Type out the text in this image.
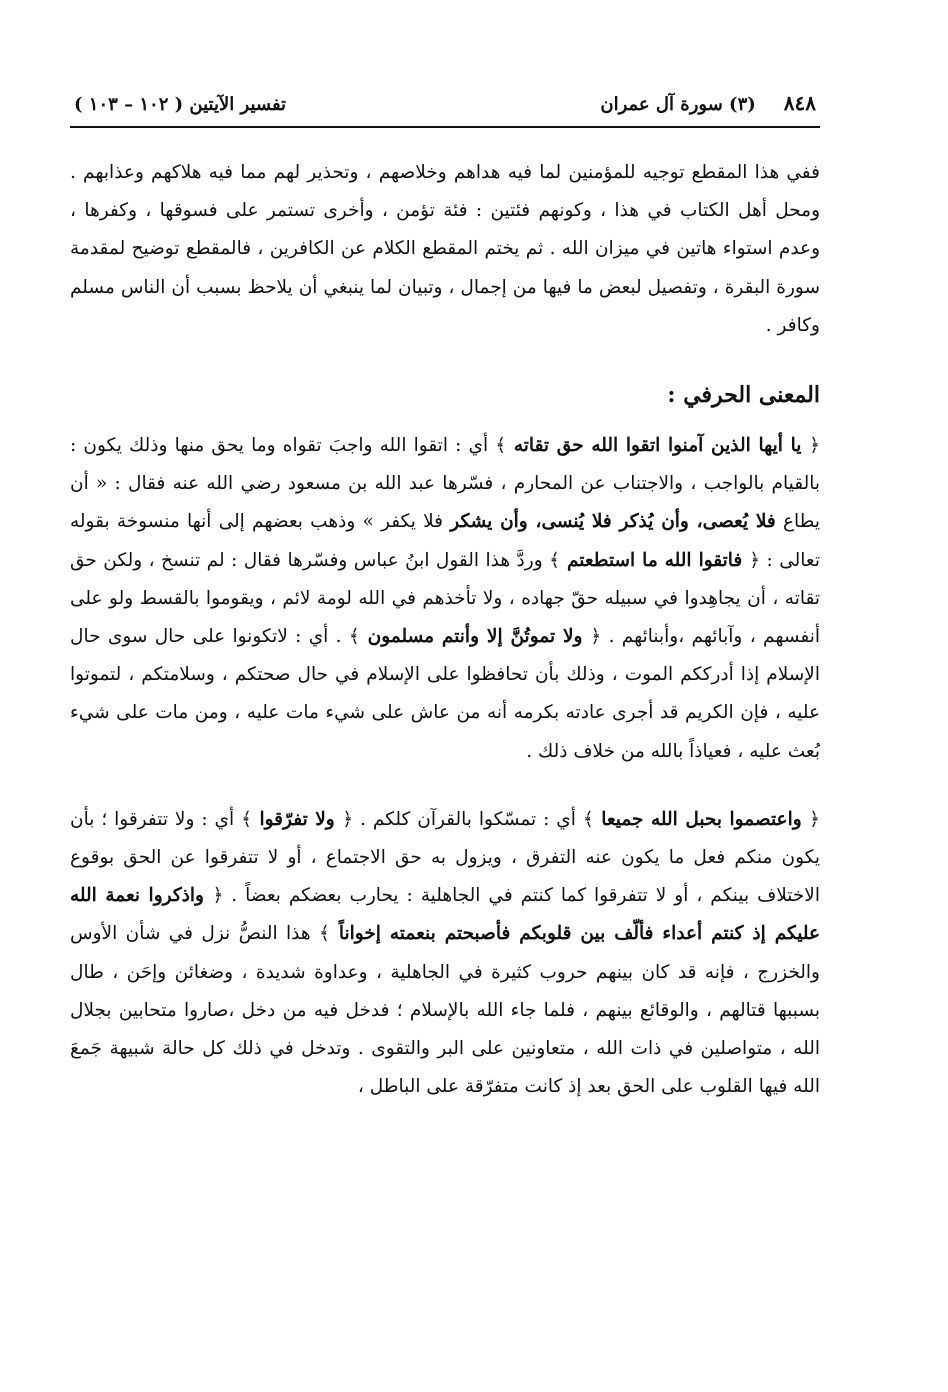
٨٤٨
(٣) سورة آل عمران
تفسير الآيتين ( ١٠٢ – ١٠٣ )

ففي هذا المقطع توجيه للمؤمنين لما فيه هداهم وخلاصهم ، وتحذير لهم مما فيه هلاكهم وعذابهم . ومحل أهل الكتاب في هذا ، وكونهم فئتين : فئة تؤمن ، وأخرى تستمر على فسوقها ، وكفرها ، وعدم استواء هاتين في ميزان الله . ثم يختم المقطع الكلام عن الكافرين ، فالمقطع توضيح لمقدمة سورة البقرة ، وتفصيل لبعض ما فيها من إجمال ، وتبيان لما ينبغي أن يلاحظ بسبب أن الناس مسلم وكافر .

المعنى الحرفي :

﴿ يا أيها الذين آمنوا اتقوا الله حق تقاته ﴾ أي : اتقوا الله واجبَ تقواه وما يحق منها وذلك يكون : بالقيام بالواجب ، والاجتناب عن المحارم ، فسّرها عبد الله بن مسعود رضي الله عنه فقال : « أن يطاع فلا يُعصى، وأن يُذكر فلا يُنسى، وأن يشكر فلا يكفر » وذهب بعضهم إلى أنها منسوخة بقوله تعالى : ﴿ فاتقوا الله ما استطعتم ﴾ وردَّ هذا القول ابنُ عباس وفسّرها فقال : لم تنسخ ، ولكن حق تقاته ، أن يجاهِدوا في سبيله حقّ جهاده ، ولا تأخذهم في الله لومة لائم ، ويقوموا بالقسط ولو على أنفسهم ، وآبائهم ،وأبنائهم . ﴿ ولا تموتُنَّ إلا وأنتم مسلمون ﴾ . أي : لاتكونوا على حال سوى حال الإسلام إذا أدرككم الموت ، وذلك بأن تحافظوا على الإسلام في حال صحتكم ، وسلامتكم ، لتموتوا عليه ، فإن الكريم قد أجرى عادته بكرمه أنه من عاش على شيء مات عليه ، ومن مات على شيء بُعث عليه ، فعياذاً بالله من خلاف ذلك .

﴿ واعتصموا بحبل الله جميعا ﴾ أي : تمسّكوا بالقرآن كلكم . ﴿ ولا تفرّقوا ﴾ أي : ولا تتفرقوا ؛ بأن يكون منكم فعل ما يكون عنه التفرق ، ويزول به حق الاجتماع ، أو لا تتفرقوا عن الحق بوقوع الاختلاف بينكم ، أو لا تتفرقوا كما كنتم في الجاهلية : يحارب بعضكم بعضاً . ﴿ واذكروا نعمة الله عليكم إذ كنتم أعداء فألّف بين قلوبكم فأصبحتم بنعمته إخواناً ﴾ هذا النصُّ نزل في شأن الأوس والخزرج ، فإنه قد كان بينهم حروب كثيرة في الجاهلية ، وعداوة شديدة ، وضغائن وإحَن ، طال بسببها قتالهم ، والوقائع بينهم ، فلما جاء الله بالإسلام ؛ فدخل فيه من دخل ،صاروا متحابين بجلال الله ، متواصلين في ذات الله ، متعاونين على البر والتقوى . وتدخل في ذلك كل حالة شبيهة جَمعَ الله فيها القلوب على الحق بعد إذ كانت متفرّقة على الباطل ،
